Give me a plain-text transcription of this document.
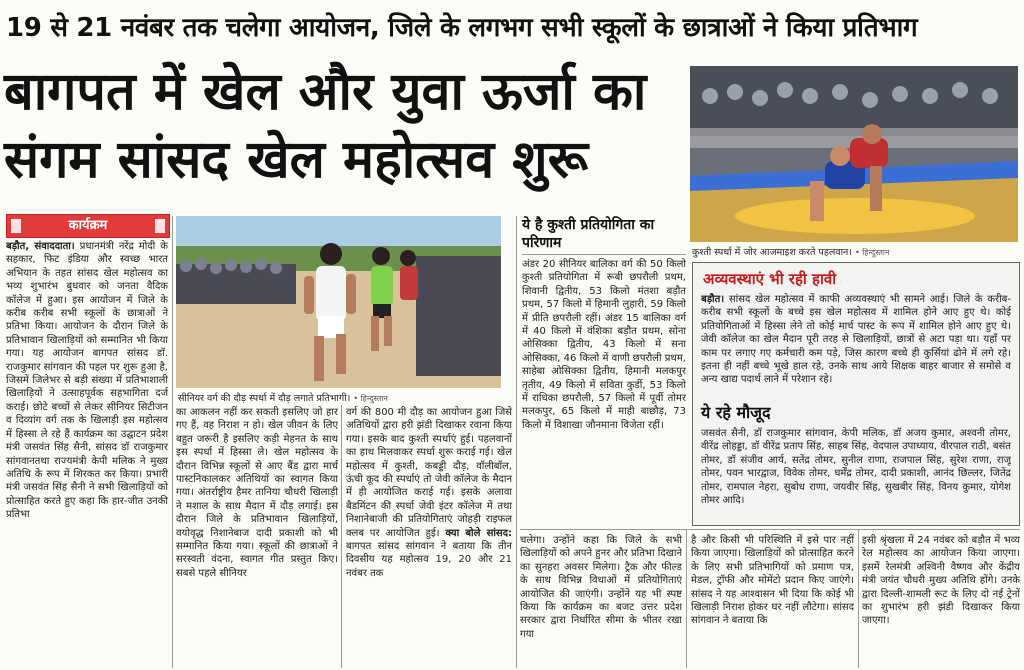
19 से 21 नवंबर तक चलेगा आयोजन, जिले के लगभग सभी स्कूलों के छात्राओं ने किया प्रतिभाग
बागपत में खेल और युवा ऊर्जा का
संगम सांसद खेल महोत्सव शुरू
कुश्ती स्पर्धा में जोर आजमाइश करते पहलवान। • हिन्दुस्तान
कार्यक्रम
सीनियर वर्ग की दौड़ स्पर्धा में दौड़ लगाते प्रतिभागी। • हिन्दुस्तान
बड़ौत, संवाददाता। प्रधानमंत्री नरेंद्र मोदी के सहकार, फिट इंडिया और स्वच्छ भारत अभियान के तहत सांसद खेल महोत्सव का भव्य शुभारंभ बुधवार को जनता वैदिक कॉलेज में हुआ। इस आयोजन में जिले के करीब करीब सभी स्कूलों के छात्राओं ने प्रतिभा किया। आयोजन के दौरान जिले के प्रतिभावान खिलाड़ियों को सम्मानित भी किया गया। यह आयोजन बागपत सांसद डॉ. राजकुमार सांगवान की पहल पर शुरू हुआ है, जिसमें जिलेभर से बड़ी संख्या में प्रतिभाशाली खिलाड़ियों ने उत्साहपूर्वक सहभागिता दर्ज कराई। छोटे बच्चों से लेकर सीनियर सिटीजन व दिव्यांग वर्ग तक के खिलाड़ी इस महोत्सव में हिस्सा ले रहे हैं कार्यक्रम का उद्घाटन प्रदेश मंत्री जसवंत सिंह सैनी, सांसद डॉ राजकुमार सांगवानतथा राज्यमंत्री केपी मलिक ने मुख्य अतिथि के रूप में शिरकत कर किया। प्रभारी मंत्री जसवंत सिंह सैनी ने सभी खिलाड़ियों को प्रोत्साहित करते हुए कहा कि हार-जीत उनकी प्रतिभा
का आकलन नहीं कर सकती इसलिए जो हार गए हैं, वह निराश न हो। खेल जीवन के लिए बहुत जरूरी है इसलिए कड़ी मेहनत के साथ इस स्पर्धा में हिस्सा ले। खेल महोत्सव के दौरान विभिन्न स्कूलों से आए बैंड द्वारा मार्च पास्टनिकालकर अतिथियों का स्वागत किया गया। अंतर्राष्ट्रीय हैमर तानिया चौधरी खिलाड़ी ने मशाल के साथ मैदान में दौड़ लगाई। इस दौरान जिले के प्रतिभावान खिलाड़ियों, वयोवृद्ध निशानेबाज दादी प्रकाशी को भी सम्मानित किया गया। स्कूलों की छात्राओं ने सरस्वती वंदना, स्वागत गीत प्रस्तुत किए। सबसे पहले सीनियर
वर्ग की 800 मी दौड़ का आयोजन हुआ जिसे अतिथियों द्वारा हरी झंडी दिखाकर रवाना किया गया। इसके बाद कुश्ती स्पर्धाएं हुई। पहलवानों का हाथ मिलवाकर स्पर्धा शुरू कराई गई। खेल महोत्सव में कुश्ती, कबड्डी दौड़, वॉलीबॉल, ऊंची कूद की स्पर्धाएं तो जेवी कॉलेज के मैदान में ही आयोजित कराई गई। इसके अलावा बैडमिंटन की स्पर्धा जेवी इंटर कॉलेज में तथा निशानेबाजी की प्रतियोगिताएं जोहड़ी राइफल क्लब पर आयोजित हुई। क्या बोले सांसद: बागपत सांसद सांगवान ने बताया कि तीन दिवसीय यह महोत्सव 19, 20 और 21 नवंबर तक
ये है कुश्ती प्रतियोगिता का परिणाम
अंडर 20 सीनियर बालिका वर्ग की 50 किलो कुश्ती प्रतियोगिता में रूबी छपरौली प्रथम, शिवानी द्वितीय, 53 किलो मंतशा बड़ौत प्रथम, 57 किलो में हिमानी लुहारी, 59 किलो में प्रीति छपरौली रहीं। अंडर 15 बालिका वर्ग में 40 किलो में वंशिका बड़ौत प्रथम, सोना ओसिक्का द्वितीय, 43 किलो में सना ओसिक्का, 46 किलो में वाणी छपरौली प्रथम, साहेबा ओसिक्का द्वितीय, हिमानी मलकपुर तृतीय, 49 किलो में सविता कुर्डी, 53 किलो में राधिका छपरौली, 57 किलो में पूर्वी तोमर मलकपुर, 65 किलो में माही बाछौड़, 73 किलो में विशाखा जौनमाना विजेता रहीं।
चलेगा। उन्होंने कहा कि जिले के सभी खिलाड़ियों को अपने हुनर और प्रतिभा दिखाने का सुनहरा अवसर मिलेगा। ट्रैक और फील्ड के साथ विभिन्न विधाओं में प्रतियोगिताएं आयोजित की जाएंगी। उन्होंने यह भी स्पष्ट किया कि कार्यक्रम का बजट उत्तर प्रदेश सरकार द्वारा निर्धारित सीमा के भीतर रखा गया
है और किसी भी परिस्थिति में इसे पार नहीं किया जाएगा। खिलाड़ियों को प्रोत्साहित करने के लिए सभी प्रतिभागियों को प्रमाण पत्र, मेडल, ट्रॉफी और मोमेंटो प्रदान किए जाएंगे। सांसद ने यह आश्वासन भी दिया कि कोई भी खिलाड़ी निराश होकर घर नहीं लौटेगा। सांसद सांगवान ने बताया कि
इसी श्रृंखला में 24 नवंबर को बड़ौत में भव्य रेल महोत्सव का आयोजन किया जाएगा। इसमें रेलमंत्री अश्विनी वैष्णव और केंद्रीय मंत्री जयंत चौधरी मुख्य अतिथि होंगे। उनके द्वारा दिल्ली-शामली रूट के लिए दो नई ट्रेनों का शुभारंभ हरी झंडी दिखाकर किया जाएगा।
अव्यवस्थाएं भी रही हावी
बड़ौत। सांसद खेल महोत्सव में काफी अव्यवस्थाएं भी सामने आई। जिले के करीब-करीब सभी स्कूलों के बच्चे इस खेल महोत्सव में शामिल होने आए हुए थे। कोई प्रतियोगिताओं में हिस्सा लेने तो कोई मार्च पास्ट के रूप में शामिल होने आए हुए थे। जेवी कॉलेज का खेल मैदान पूरी तरह से खिलाड़ियों, छात्रों से अटा पड़ा था। यहाँ पर काम पर लगाए गए कर्मचारी कम पड़े, जिस कारण बच्चे ही कुर्सियां ढोने में लगे रहे। इतना ही नहीं बच्चे भूखे हाल रहे, उनके साथ आये शिक्षक बाहर बाजार से समोसे व अन्य खाद्य पदार्थ लाने में परेशान रहे।
ये रहे मौजूद
जसवंत सैनी, डॉ राजकुमार सांगवान, केपी मलिक, डॉ अजय कुमार, अश्वनी तोमर, वीरेंद्र लोहड्डा, डॉ वीरेंद्र प्रताप सिंह, साहब सिंह, वेदपाल उपाध्याय, वीरपाल राठी, बसंत तोमर, डॉ संजीव आर्य, सतेंद्र तोमर, सुनील राणा, राजपाल सिंह, सुरेश राणा, राजू तोमर, पवन भारद्वाज, विवेक तोमर, धर्मेंद्र तोमर, दादी प्रकाशी, आनंद छिल्लर, जितेंद्र तोमर, रामपाल नेहरा, सुबोध राणा, जयवीर सिंह, सुखबीर सिंह, विनय कुमार, योगेश तोमर आदि।
